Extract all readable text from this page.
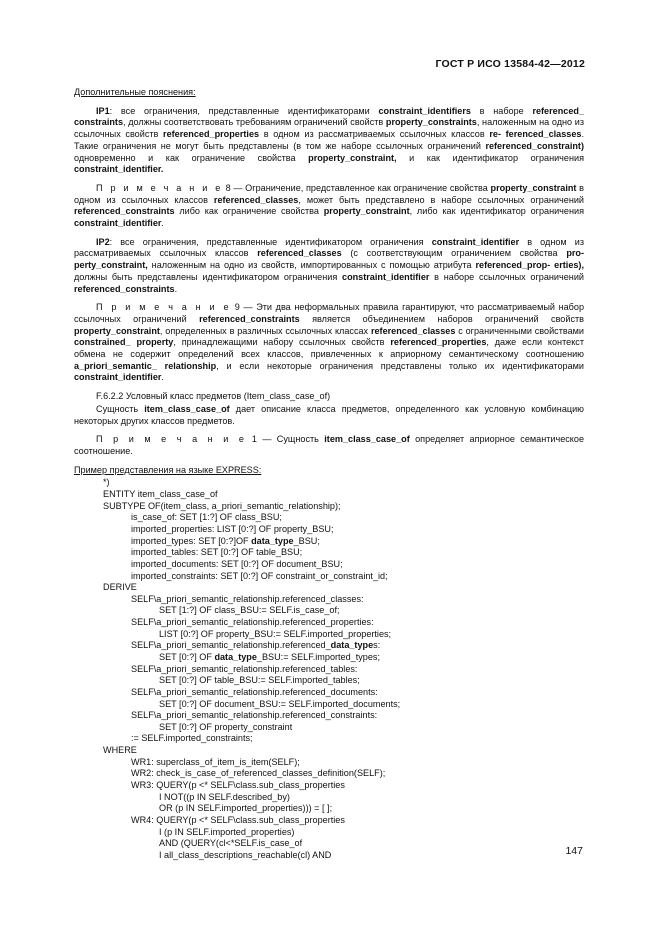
ГОСТ Р ИСО 13584-42—2012

Дополнительные пояснения:

IP1: все ограничения, представленные идентификаторами constraint_identifiers в наборе referenced_ constraints, должны соответствовать требованиям ограничений свойств property_constraints, наложенным на одно из ссылочных свойств referenced_properties в одном из рассматриваемых ссылочных классов re- ferenced_classes. Такие ограничения не могут быть представлены (в том же наборе ссылочных ограничений referenced_constraint) одновременно и как ограничение свойства property_constraint, и как идентификатор ограничения constraint_identifier.

П р и м е ч а н и е 8 — Ограничение, представленное как ограничение свойства property_constraint в одном из ссылочных классов referenced_classes, может быть представлено в наборе ссылочных ограничений referenced_constraints либо как ограничение свойства property_constraint, либо как идентификатор ограничения constraint_identifier.

IP2: все ограничения, представленные идентификатором ограничения constraint_identifier в одном из рассматриваемых ссылочных классов referenced_classes (с соответствующим ограничением свойства pro- perty_constraint, наложенным на одно из свойств, импортированных с помощью атрибута referenced_prop- erties), должны быть представлены идентификатором ограничения constraint_identifier в наборе ссылочных ограничений referenced_constraints.

П р и м е ч а н и е 9 — Эти два неформальных правила гарантируют, что рассматриваемый набор ссылочных ограничений referenced_constraints является объединением наборов ограничений свойств property_constraint, определенных в различных ссылочных классах referenced_classes с ограниченными свойствами constrained_ property, принадлежащими набору ссылочных свойств referenced_properties, даже если контекст обмена не содержит определений всех классов, привлеченных к априорному семантическому соотношению a_priori_semantic_ relationship, и если некоторые ограничения представлены только их идентификаторами constraint_identifier.

F.6.2.2 Условный класс предметов (Item_class_case_of)

Сущность item_class_case_of дает описание класса предметов, определенного как условную комбинацию некоторых других классов предметов.

П р и м е ч а н и е 1 — Сущность item_class_case_of определяет априорное семантическое соотношение.

Пример представления на языке EXPRESS:

*)
ENTITY item_class_case_of
SUBTYPE OF(item_class, a_priori_semantic_relationship);
is_case_of: SET [1:?] OF class_BSU;
imported_properties: LIST [0:?] OF property_BSU;
imported_types: SET [0:?]OF data_type_BSU;
imported_tables: SET [0:?] OF table_BSU;
imported_documents: SET [0:?] OF document_BSU;
imported_constraints: SET [0:?] OF constraint_or_constraint_id;
DERIVE
SELF\a_priori_semantic_relationship.referenced_classes:
SET [1:?] OF class_BSU:= SELF.is_case_of;
SELF\a_priori_semantic_relationship.referenced_properties:
LIST [0:?] OF property_BSU:= SELF.imported_properties;
SELF\a_priori_semantic_relationship.referenced_data_types:
SET [0:?] OF data_type_BSU:= SELF.imported_types;
SELF\a_priori_semantic_relationship.referenced_tables:
SET [0:?] OF table_BSU:= SELF.imported_tables;
SELF\a_priori_semantic_relationship.referenced_documents:
SET [0:?] OF document_BSU:= SELF.imported_documents;
SELF\a_priori_semantic_relationship.referenced_constraints:
SET [0:?] OF property_constraint
:= SELF.imported_constraints;
WHERE
WR1: superclass_of_item_is_item(SELF);
WR2: check_is_case_of_referenced_classes_definition(SELF);
WR3: QUERY(p <* SELF\class.sub_class_properties
I NOT((p IN SELF.described_by)
OR (p IN SELF.imported_properties))) = [ ];
WR4: QUERY(p <* SELF\class.sub_class_properties
I (p IN SELF.imported_properties)
AND (QUERY(cl<*SELF.is_case_of
I all_class_descriptions_reachable(cl) AND	147
